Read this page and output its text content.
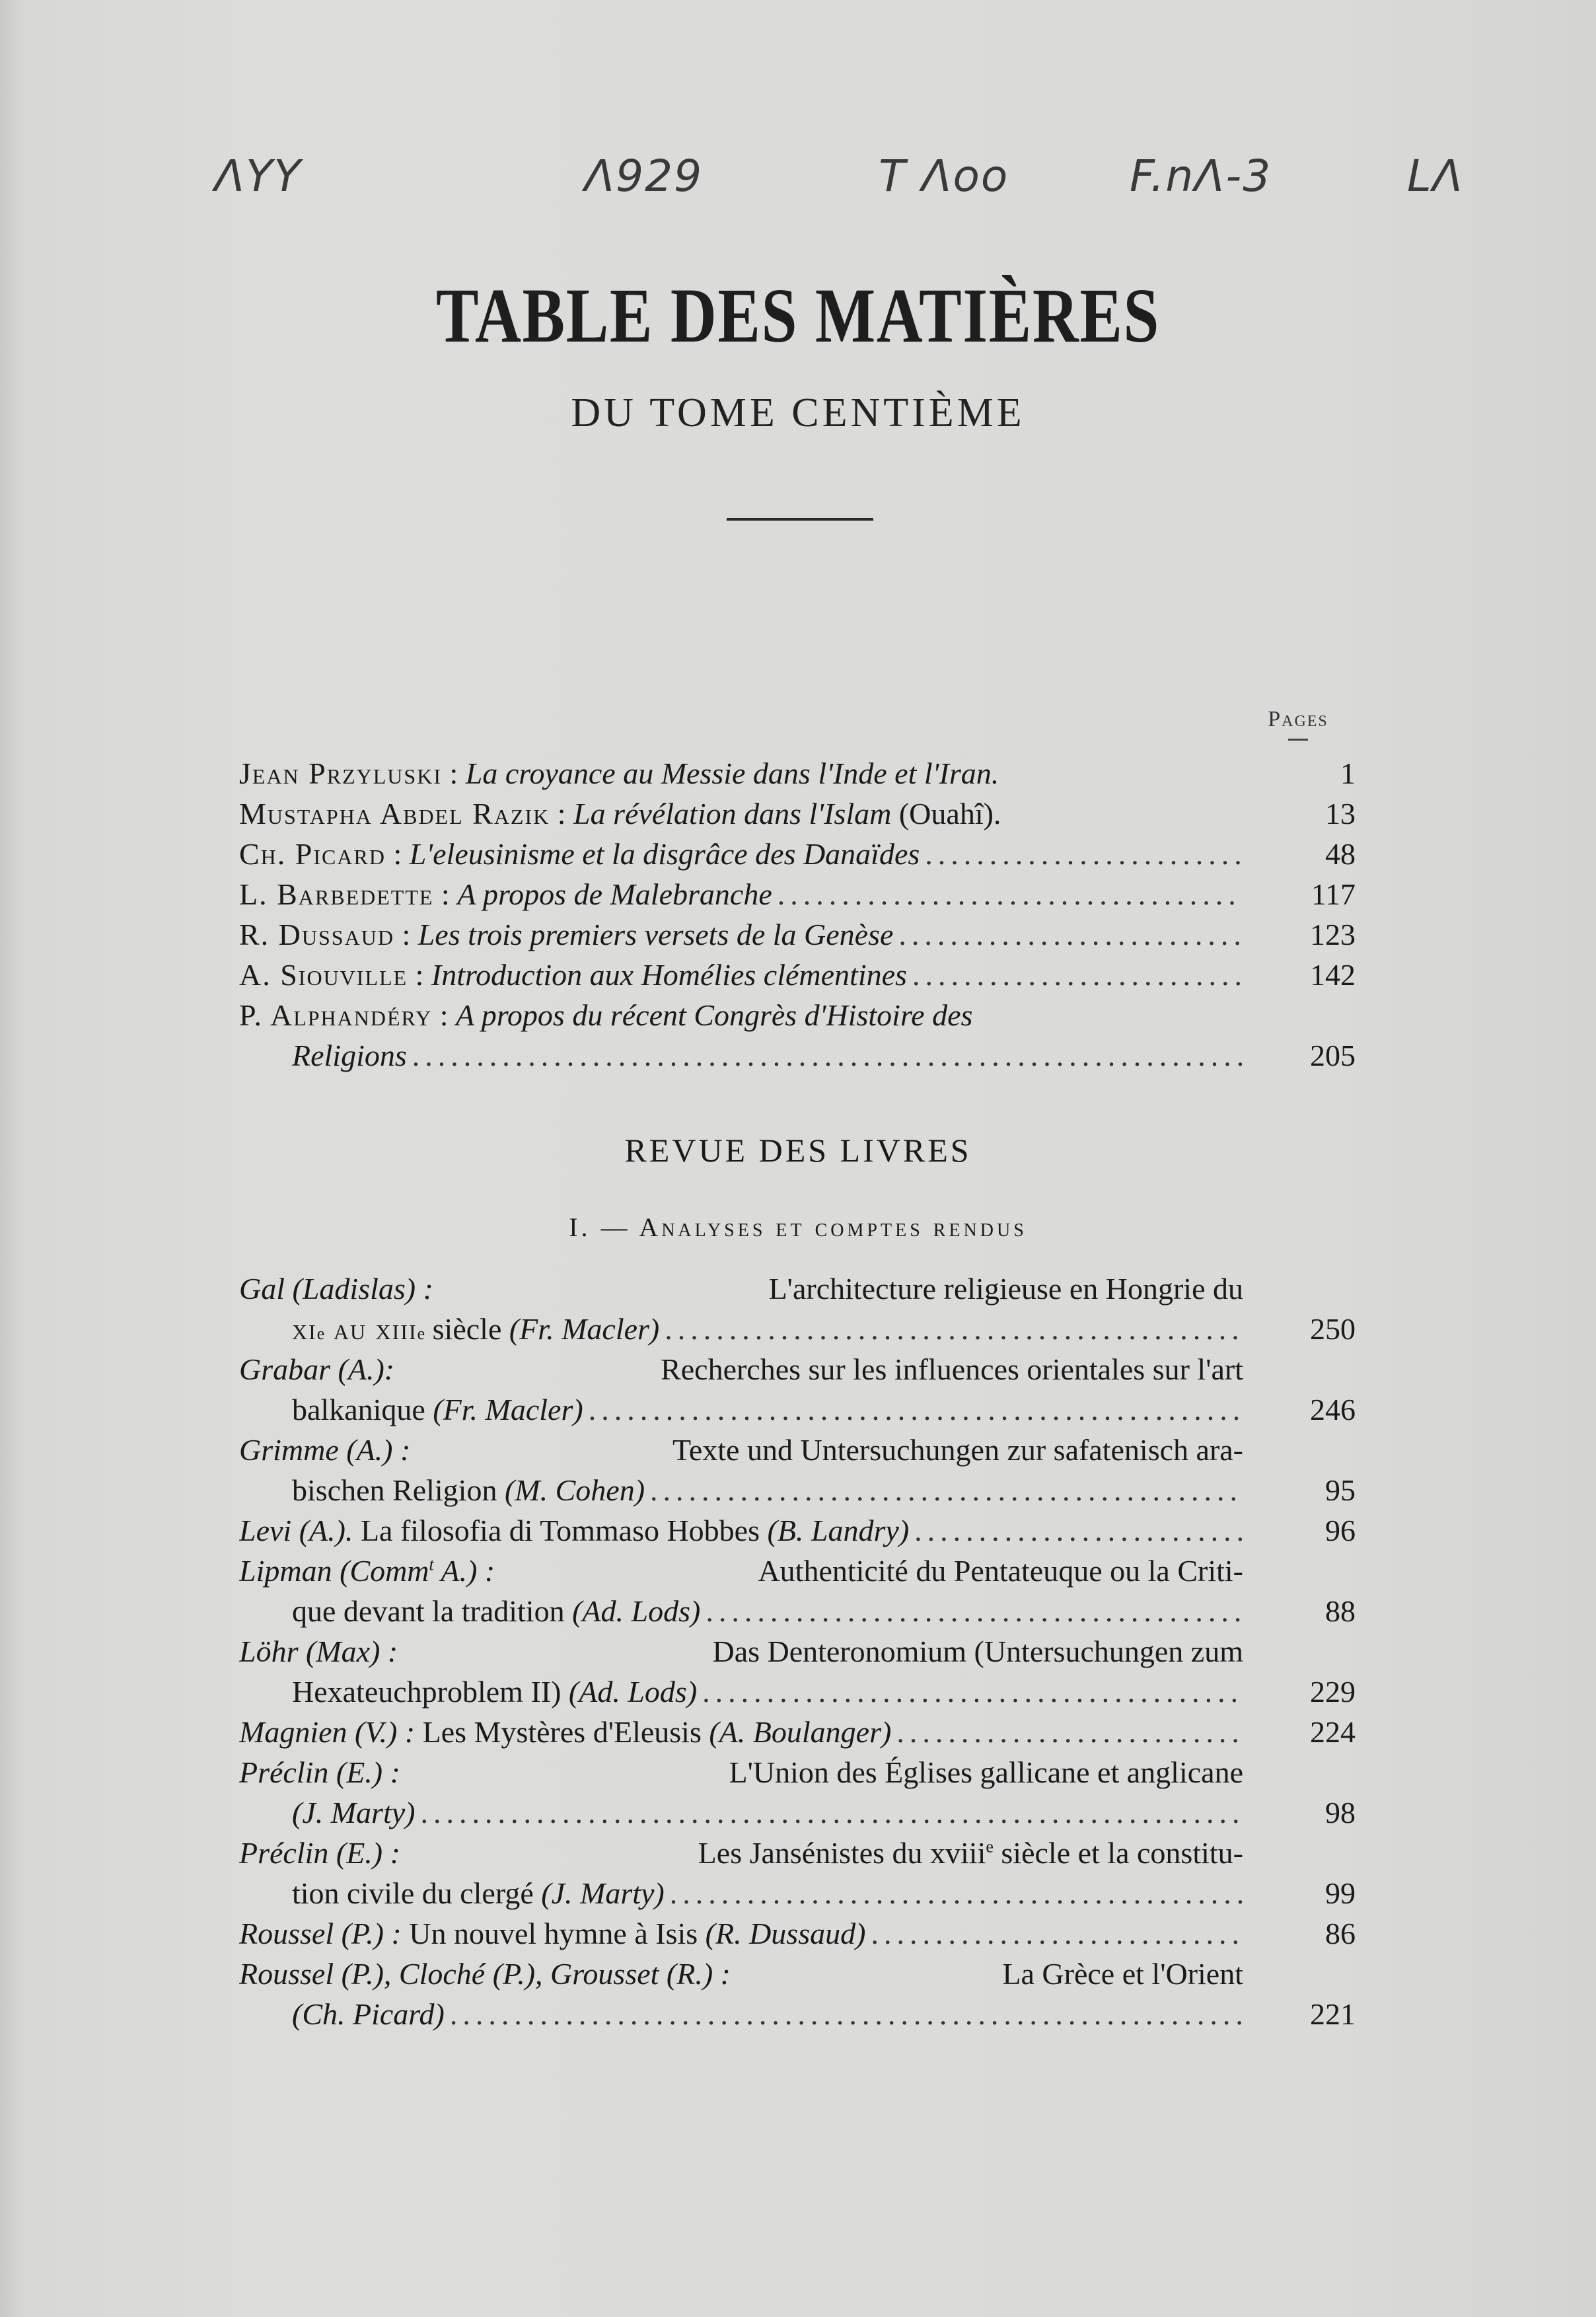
ΛΥΥ	Λ929	T Λoo	F.nΛ-3	LΛ
TABLE DES MATIÈRES
DU TOME CENTIÈME
Pages
Jean Przyluski : La croyance au Messie dans l'Inde et l'Iran.	1
Mustapha Abdel Razik : La révélation dans l'Islam (Ouahî).	13
Ch. Picard : L'eleusinisme et la disgrâce des Danaïdes .....	48
L. Barbedette : A propos de Malebranche .....	117
R. Dussaud : Les trois premiers versets de la Genèse .....	123
A. Siouville : Introduction aux Homélies clémentines .....	142
P. Alphandéry : A propos du récent Congrès d'Histoire des
Religions .....	205
REVUE DES LIVRES
I. — Analyses et comptes rendus
Gal (Ladislas) :	L'architecture religieuse en Hongrie du
xi e au xiii e siècle (Fr. Macler) .....	250
Grabar (A.):	Recherches sur les influences orientales sur l'art
balkanique (Fr. Macler) .....	246
Grimme (A.) :	Texte und Untersuchungen zur safatenisch ara-
bischen Religion (M. Cohen) .....	95
Levi (A.).
La filosofia di Tommaso Hobbes (B. Landry) .....	96
Lipman (Comm$^t$ A.) :	Authenticité du Pentateuque ou la Criti-
que devant la tradition (Ad. Lods) .....	88
Löhr (Max) :	Das Denteronomium (Untersuchungen zum
Hexateuchproblem II) (Ad. Lods) .....	229
Magnien (V.) :
Les Mystères d'Eleusis (A. Boulanger) .....	224
Préclin (E.) :	L'Union des Églises gallicane et anglicane
(J. Marty) .....	98
Préclin (E.) :	Les Jansénistes du xviii$^e$ siècle et la constitu-
tion civile du clergé (J. Marty) .....	99
Roussel (P.) :
Un nouvel hymne à Isis (R. Dussaud) .....	86
Roussel (P.), Cloché (P.), Grousset (R.) :	La Grèce et l'Orient
(Ch. Picard) .....	221
